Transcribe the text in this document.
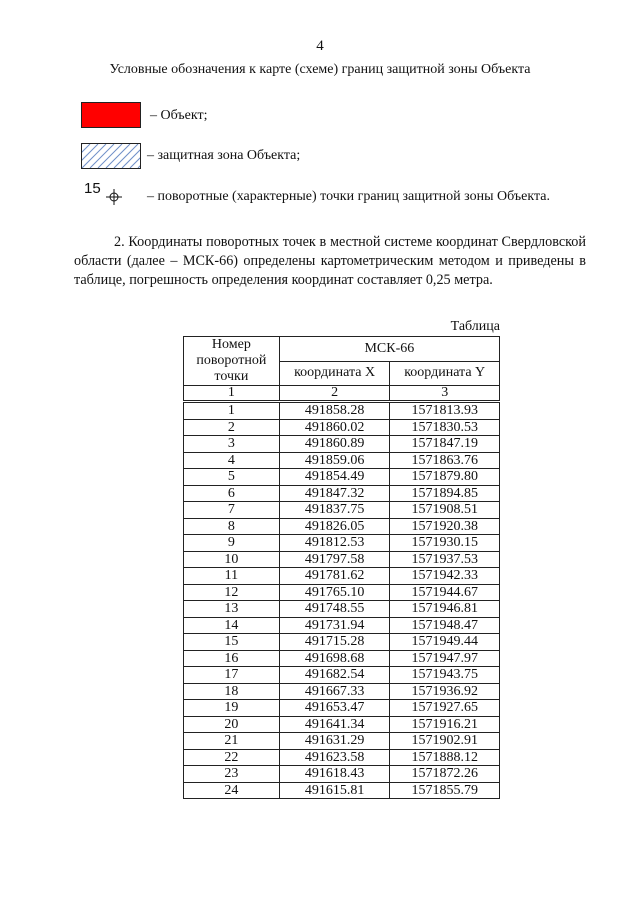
4
Условные обозначения к карте (схеме) границ защитной зоны Объекта
– Объект;
– защитная зона Объекта;
15	– поворотные (характерные) точки границ защитной зоны Объекта.
2. Координаты поворотных точек в местной системе координат Свердловской области (далее – МСК-66) определены картометрическим методом и приведены в таблице, погрешность определения координат составляет 0,25 метра.
Таблица
Номер поворотной точки	МСК-66	
	координата X	координата Y
1	2	3
1	491858.28	1571813.93
2	491860.02	1571830.53
3	491860.89	1571847.19
4	491859.06	1571863.76
5	491854.49	1571879.80
6	491847.32	1571894.85
7	491837.75	1571908.51
8	491826.05	1571920.38
9	491812.53	1571930.15
10	491797.58	1571937.53
11	491781.62	1571942.33
12	491765.10	1571944.67
13	491748.55	1571946.81
14	491731.94	1571948.47
15	491715.28	1571949.44
16	491698.68	1571947.97
17	491682.54	1571943.75
18	491667.33	1571936.92
19	491653.47	1571927.65
20	491641.34	1571916.21
21	491631.29	1571902.91
22	491623.58	1571888.12
23	491618.43	1571872.26
24	491615.81	1571855.79
